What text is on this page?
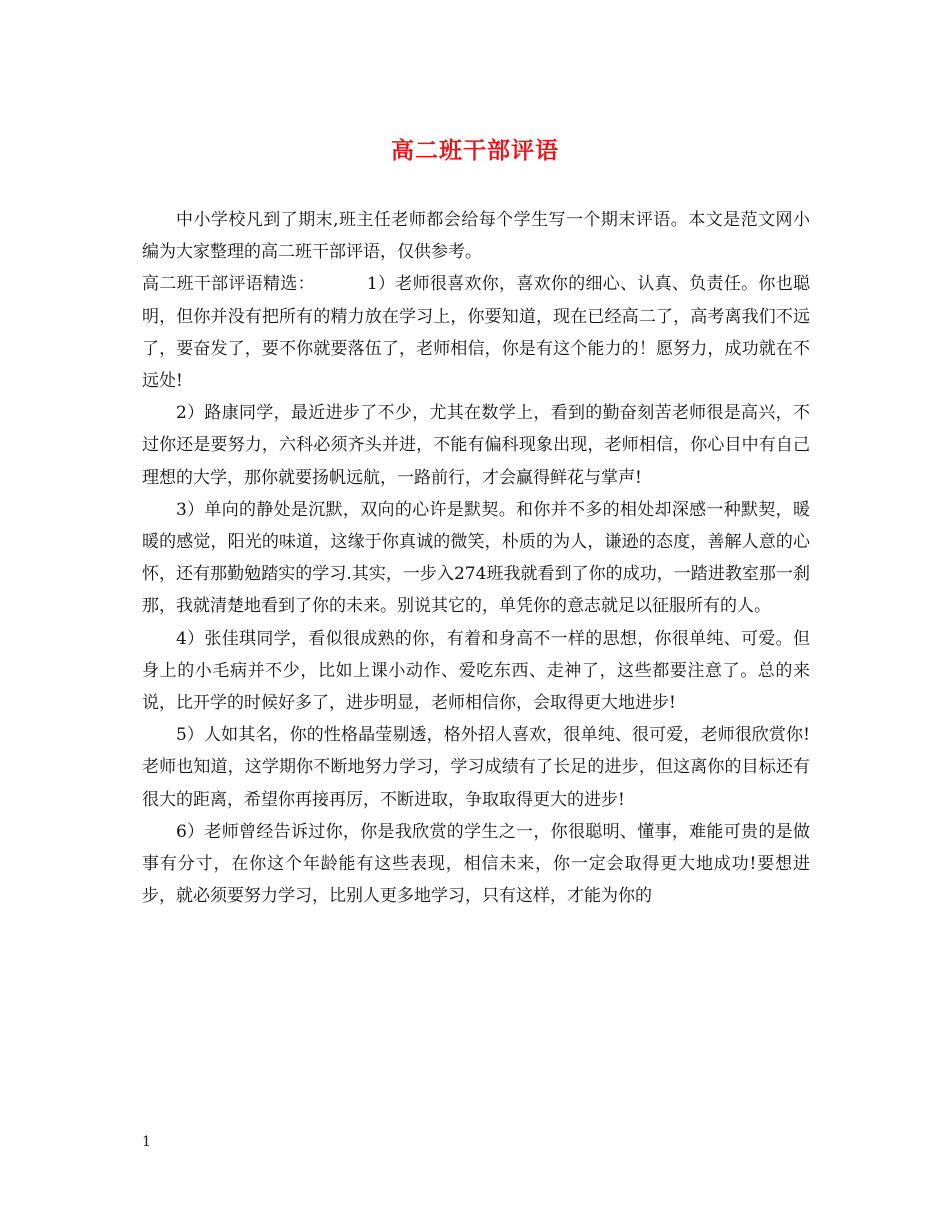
高二班干部评语

中小学校凡到了期末,班主任老师都会给每个学生写一个期末评语。本文是范文网小编为大家整理的高二班干部评语，仅供参考。

高二班干部评语精选：	1）老师很喜欢你，喜欢你的细心、认真、负责任。你也聪明，但你并没有把所有的精力放在学习上，你要知道，现在已经高二了，高考离我们不远了，要奋发了，要不你就要落伍了，老师相信，你是有这个能力的！愿努力，成功就在不远处!

2）路康同学，最近进步了不少，尤其在数学上，看到的勤奋刻苦老师很是高兴，不过你还是要努力，六科必须齐头并进，不能有偏科现象出现，老师相信，你心目中有自己理想的大学，那你就要扬帆远航，一路前行，才会赢得鲜花与掌声!

3）单向的静处是沉默，双向的心许是默契。和你并不多的相处却深感一种默契，暖暖的感觉，阳光的味道，这缘于你真诚的微笑，朴质的为人，谦逊的态度，善解人意的心怀，还有那勤勉踏实的学习.其实，一步入274班我就看到了你的成功，一踏进教室那一刹那，我就清楚地看到了你的未来。别说其它的，单凭你的意志就足以征服所有的人。

4）张佳琪同学，看似很成熟的你，有着和身高不一样的思想，你很单纯、可爱。但身上的小毛病并不少，比如上课小动作、爱吃东西、走神了，这些都要注意了。总的来说，比开学的时候好多了，进步明显，老师相信你，会取得更大地进步!

5）人如其名，你的性格晶莹剔透，格外招人喜欢，很单纯、很可爱，老师很欣赏你!老师也知道，这学期你不断地努力学习，学习成绩有了长足的进步，但这离你的目标还有很大的距离，希望你再接再厉，不断进取，争取取得更大的进步!

6）老师曾经告诉过你，你是我欣赏的学生之一，你很聪明、懂事，难能可贵的是做事有分寸，在你这个年龄能有这些表现，相信未来，你一定会取得更大地成功!要想进步，就必须要努力学习，比别人更多地学习，只有这样，才能为你的

1
